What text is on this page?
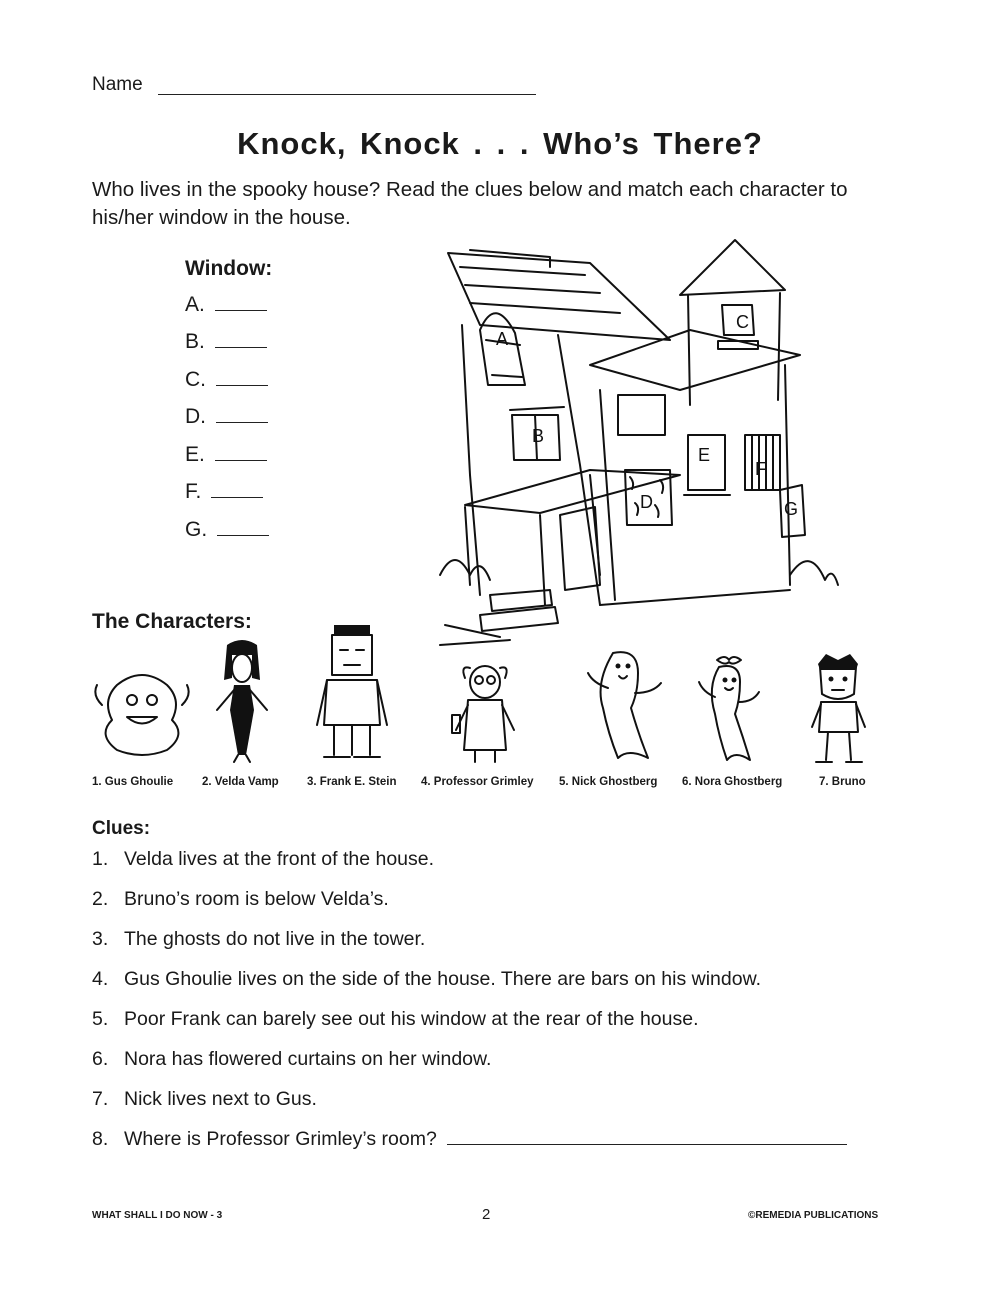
Name
Knock, Knock . . . Who’s There?
Who lives in the spooky house? Read the clues below and match each character to his/her window in the house.
Window:
A.
B.
C.
D.
E.
F.
G.
A
B
C
D
E
F
G
The Characters:
1. Gus Ghoulie	2. Velda Vamp 3. Frank E. Stein 4. Professor Grimley 5. Nick Ghostberg 6. Nora Ghostberg	7. Bruno
Clues:
1. Velda lives at the front of the house.
2. Bruno’s room is below Velda’s.
3. The ghosts do not live in the tower.
4. Gus Ghoulie lives on the side of the house. There are bars on his window.
5. Poor Frank can barely see out his window at the rear of the house.
6. Nora has flowered curtains on her window.
7. Nick lives next to Gus.
8. Where is Professor Grimley’s room?
WHAT SHALL I DO NOW - 3	2	©REMEDIA PUBLICATIONS
